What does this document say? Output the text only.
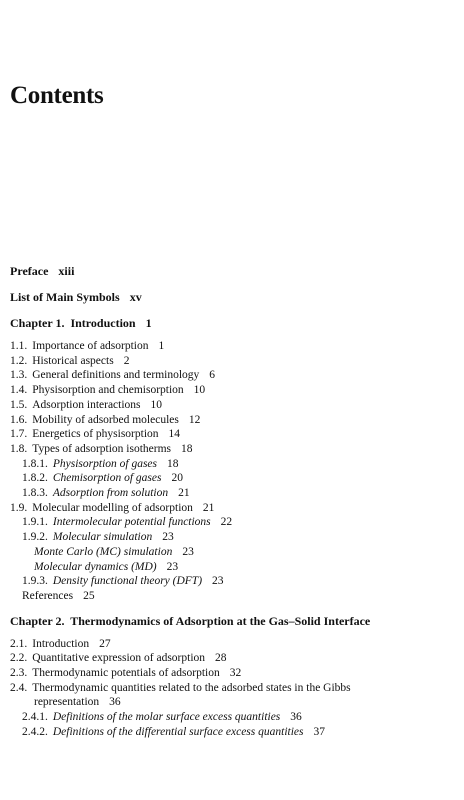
Contents
Preface xiii
List of Main Symbols xv
Chapter 1. Introduction 1
1.1. Importance of adsorption 1
1.2. Historical aspects 2
1.3. General definitions and terminology 6
1.4. Physisorption and chemisorption 10
1.5. Adsorption interactions 10
1.6. Mobility of adsorbed molecules 12
1.7. Energetics of physisorption 14
1.8. Types of adsorption isotherms 18
1.8.1. Physisorption of gases 18
1.8.2. Chemisorption of gases 20
1.8.3. Adsorption from solution 21
1.9. Molecular modelling of adsorption 21
1.9.1. Intermolecular potential functions 22
1.9.2. Molecular simulation 23
Monte Carlo (MC) simulation 23
Molecular dynamics (MD) 23
1.9.3. Density functional theory (DFT) 23
References 25
Chapter 2. Thermodynamics of Adsorption at the Gas–Solid Interface
2.1. Introduction 27
2.2. Quantitative expression of adsorption 28
2.3. Thermodynamic potentials of adsorption 32
2.4. Thermodynamic quantities related to the adsorbed states in the Gibbs
representation 36
2.4.1. Definitions of the molar surface excess quantities 36
2.4.2. Definitions of the differential surface excess quantities 37
